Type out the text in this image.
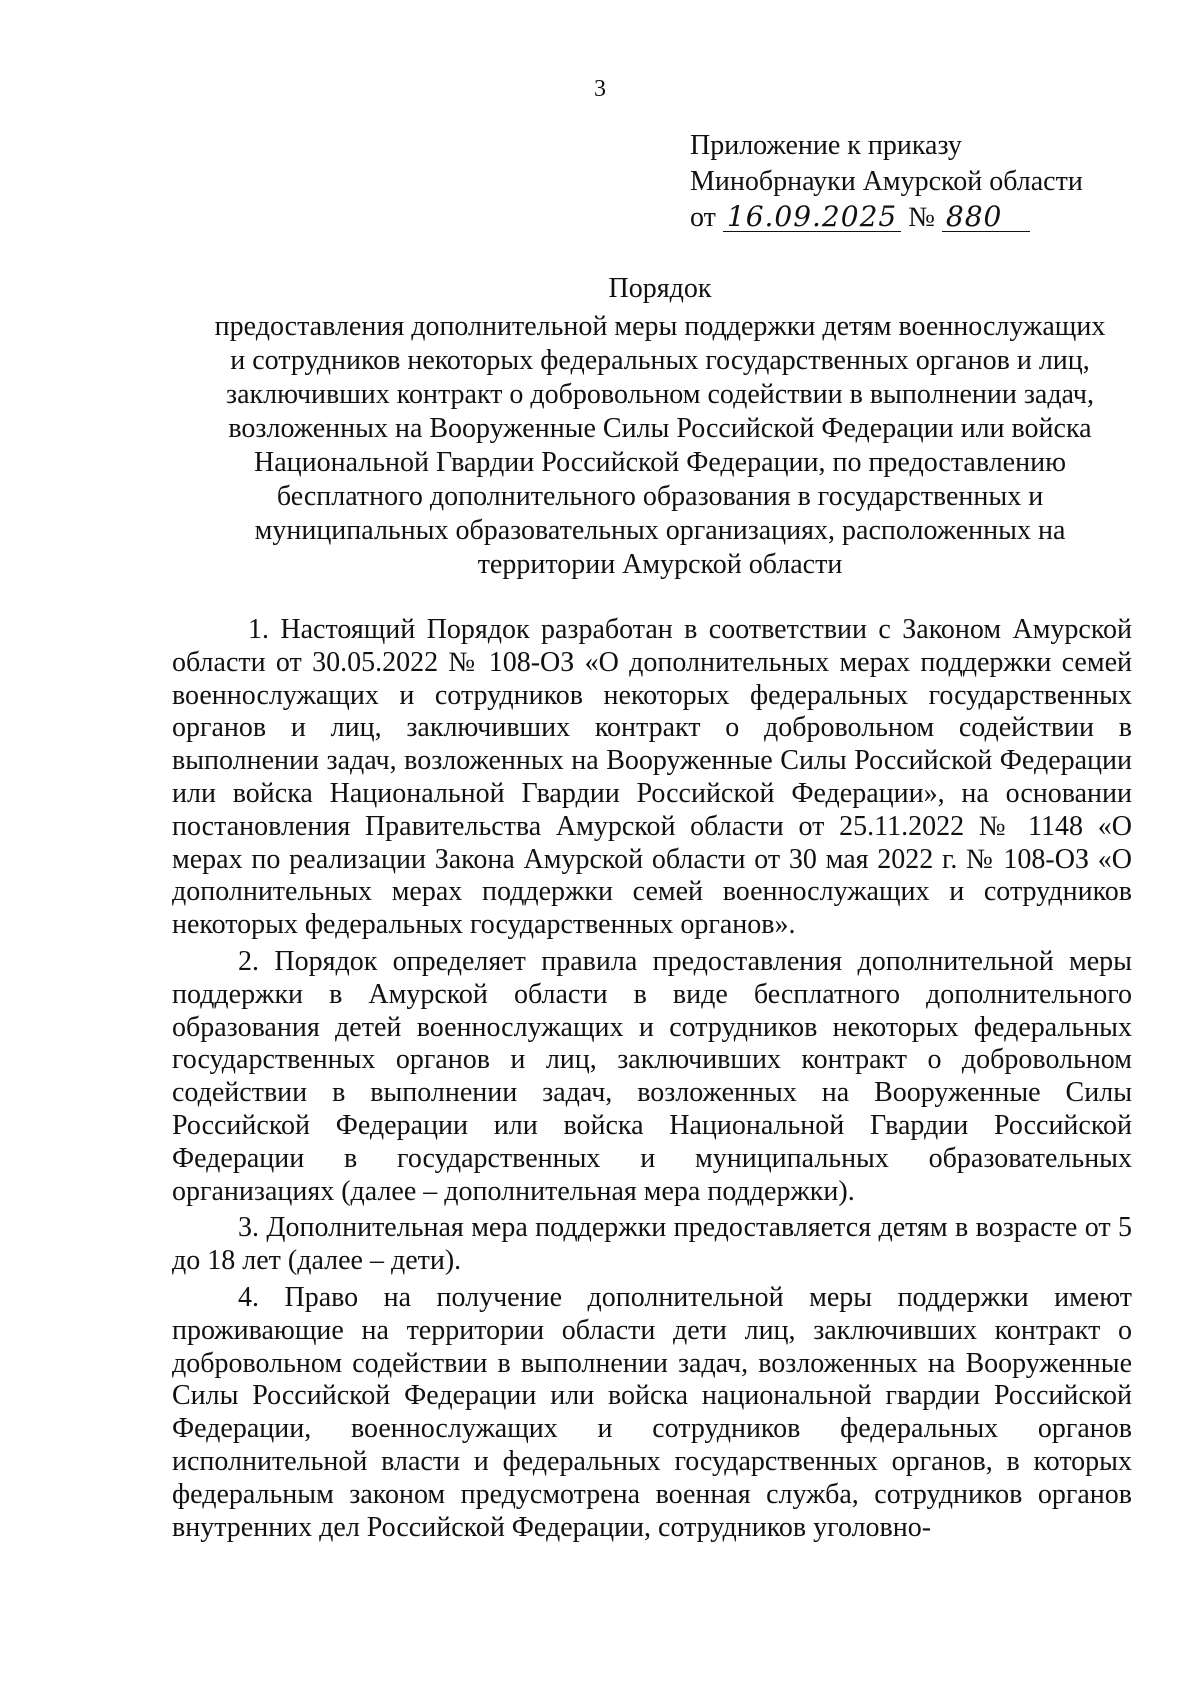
3
Приложение к приказу
Минобрнауки Амурской области
от 16.09.2025 № 880
Порядок
предоставления дополнительной меры поддержки детям военнослужащих
и сотрудников некоторых федеральных государственных органов и лиц,
заключивших контракт о добровольном содействии в выполнении задач,
возложенных на Вооруженные Силы Российской Федерации или войска
Национальной Гвардии Российской Федерации, по предоставлению
бесплатного дополнительного образования в государственных и
муниципальных образовательных организациях, расположенных на
территории Амурской области

1. Настоящий Порядок разработан в соответствии с Законом Амурской области от 30.05.2022 № 108-ОЗ «О дополнительных мерах поддержки семей военнослужащих и сотрудников некоторых федеральных государственных органов и лиц, заключивших контракт о добровольном содействии в выполнении задач, возложенных на Вооруженные Силы Российской Федерации или войска Национальной Гвардии Российской Федерации», на основании постановления Правительства Амурской области от 25.11.2022 № 1148 «О мерах по реализации Закона Амурской области от 30 мая 2022 г. № 108-ОЗ «О дополнительных мерах поддержки семей военнослужащих и сотрудников некоторых федеральных государственных органов».

2. Порядок определяет правила предоставления дополнительной меры поддержки в Амурской области в виде бесплатного дополнительного образования детей военнослужащих и сотрудников некоторых федеральных государственных органов и лиц, заключивших контракт о добровольном содействии в выполнении задач, возложенных на Вооруженные Силы Российской Федерации или войска Национальной Гвардии Российской Федерации в государственных и муниципальных образовательных организациях (далее – дополнительная мера поддержки).

3. Дополнительная мера поддержки предоставляется детям в возрасте от 5 до 18 лет (далее – дети).

4. Право на получение дополнительной меры поддержки имеют проживающие на территории области дети лиц, заключивших контракт о добровольном содействии в выполнении задач, возложенных на Вооруженные Силы Российской Федерации или войска национальной гвардии Российской Федерации, военнослужащих и сотрудников федеральных органов исполнительной власти и федеральных государственных органов, в которых федеральным законом предусмотрена военная служба, сотрудников органов внутренних дел Российской Федерации, сотрудников уголовно-
